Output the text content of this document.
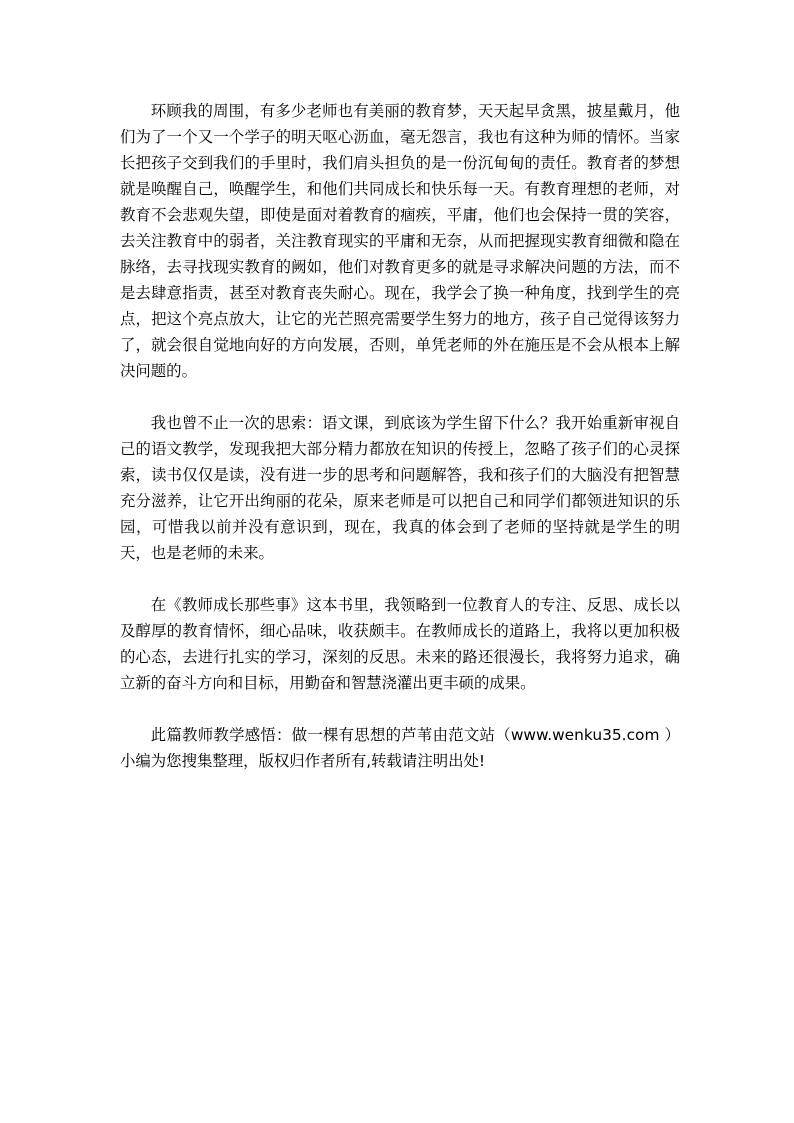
环顾我的周围，有多少老师也有美丽的教育梦，天天起早贪黑，披星戴月，他们为了一个又一个学子的明天呕心沥血，毫无怨言，我也有这种为师的情怀。当家长把孩子交到我们的手里时，我们肩头担负的是一份沉甸甸的责任。教育者的梦想就是唤醒自己，唤醒学生，和他们共同成长和快乐每一天。有教育理想的老师，对教育不会悲观失望，即使是面对着教育的痼疾，平庸，他们也会保持一贯的笑容，去关注教育中的弱者，关注教育现实的平庸和无奈，从而把握现实教育细微和隐在脉络，去寻找现实教育的阙如，他们对教育更多的就是寻求解决问题的方法，而不是去肆意指责，甚至对教育丧失耐心。现在，我学会了换一种角度，找到学生的亮点，把这个亮点放大，让它的光芒照亮需要学生努力的地方，孩子自己觉得该努力了，就会很自觉地向好的方向发展，否则，单凭老师的外在施压是不会从根本上解决问题的。

我也曾不止一次的思索：语文课，到底该为学生留下什么？我开始重新审视自己的语文教学，发现我把大部分精力都放在知识的传授上，忽略了孩子们的心灵探索，读书仅仅是读，没有进一步的思考和问题解答，我和孩子们的大脑没有把智慧充分滋养，让它开出绚丽的花朵，原来老师是可以把自己和同学们都领进知识的乐园，可惜我以前并没有意识到，现在，我真的体会到了老师的坚持就是学生的明天，也是老师的未来。

在《教师成长那些事》这本书里，我领略到一位教育人的专注、反思、成长以及醇厚的教育情怀，细心品味，收获颇丰。在教师成长的道路上，我将以更加积极的心态，去进行扎实的学习，深刻的反思。未来的路还很漫长，我将努力追求，确立新的奋斗方向和目标，用勤奋和智慧浇灌出更丰硕的成果。

此篇教师教学感悟：做一棵有思想的芦苇由范文站（www.wenku35.com ）小编为您搜集整理，版权归作者所有,转载请注明出处!
